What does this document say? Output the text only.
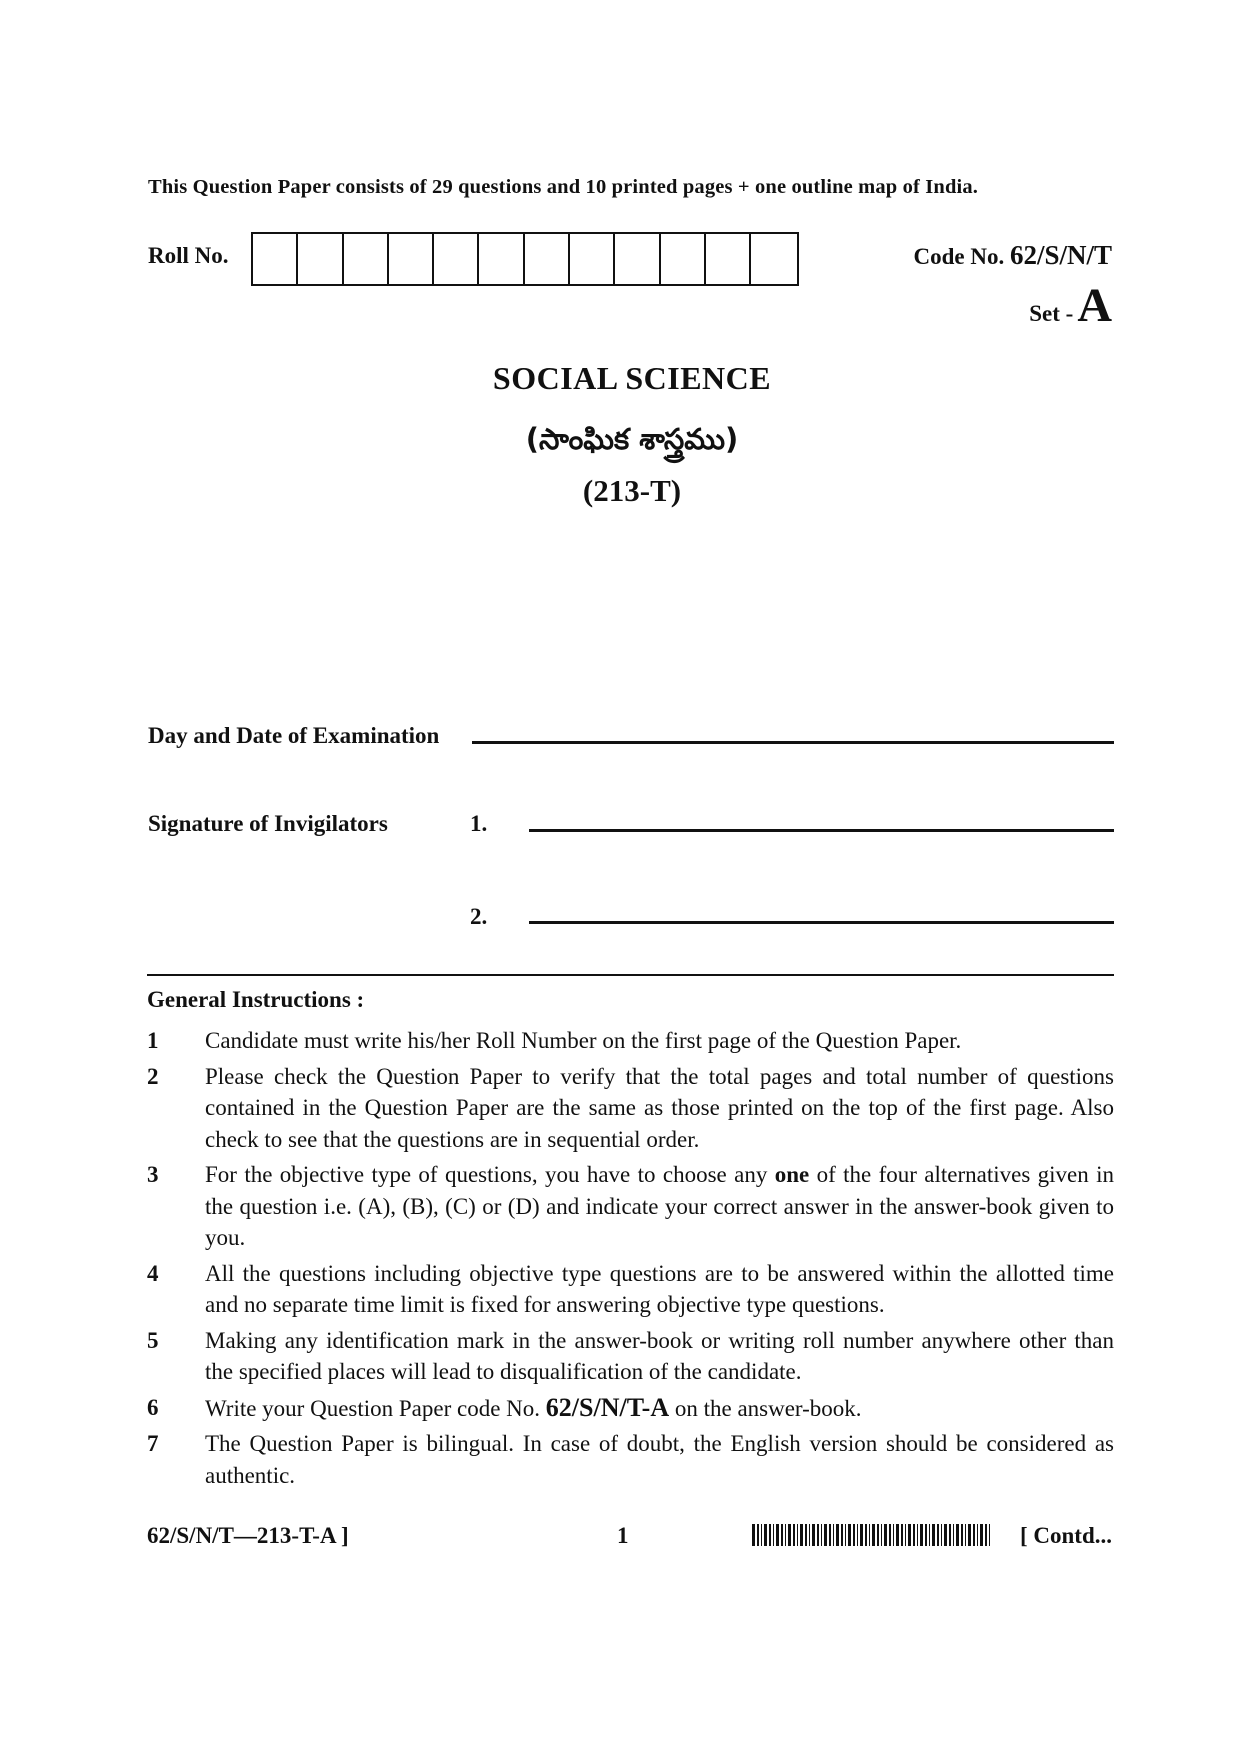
This Question Paper consists of 29 questions and 10 printed pages + one outline map of India.
Roll No.	Code No. 62/S/N/T
Set - A
SOCIAL SCIENCE
(సాంఘిక శాస్త్రము)
(213-T)
Day and Date of Examination
Signature of Invigilators	1.
2.
General Instructions :
1	Candidate must write his/her Roll Number on the first page of the Question Paper.
2	Please check the Question Paper to verify that the total pages and total number of questions contained in the Question Paper are the same as those printed on the top of the first page. Also check to see that the questions are in sequential order.
3	For the objective type of questions, you have to choose any one of the four alternatives given in the question i.e. (A), (B), (C) or (D) and indicate your correct answer in the answer-book given to you.
4	All the questions including objective type questions are to be answered within the allotted time and no separate time limit is fixed for answering objective type questions.
5	Making any identification mark in the answer-book or writing roll number anywhere other than the specified places will lead to disqualification of the candidate.
6	Write your Question Paper code No. 62/S/N/T-A on the answer-book.
7	The Question Paper is bilingual. In case of doubt, the English version should be considered as authentic.
62/S/N/T—213-T-A ]	1	[ Contd...
